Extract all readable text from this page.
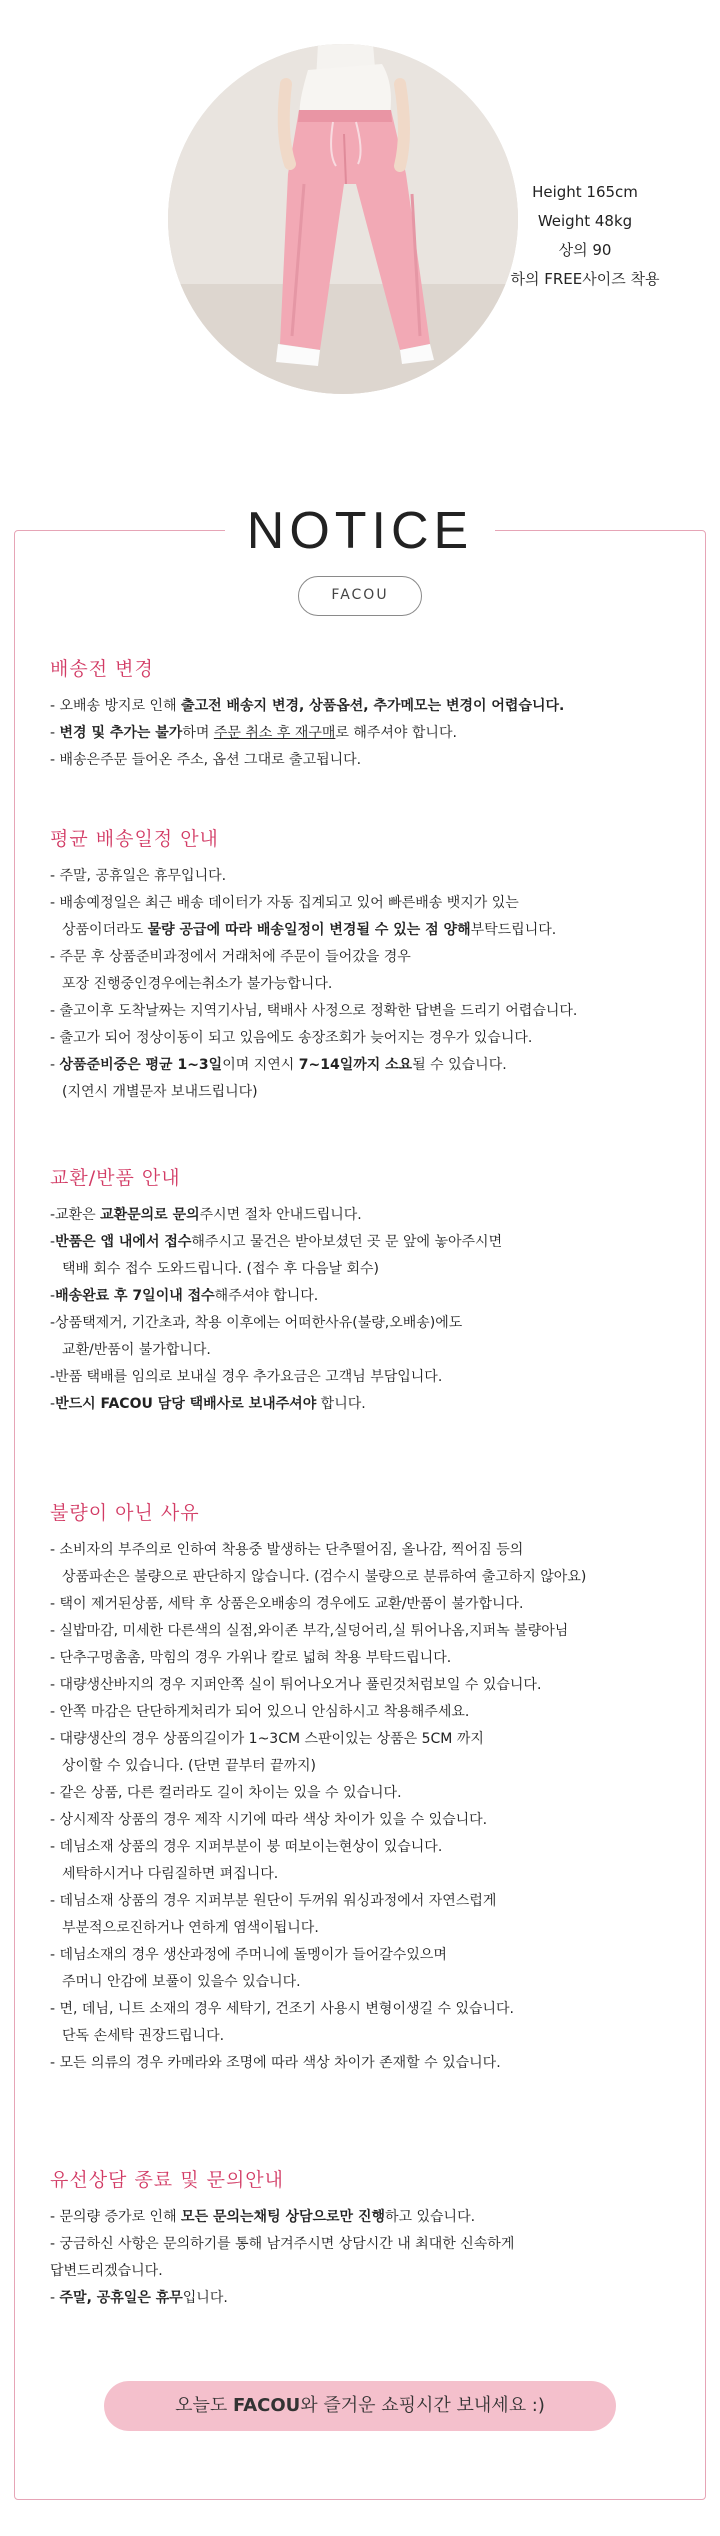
Height 165cm
Weight 48kg
상의 90
하의 FREE사이즈 착용
NOTICE
FACOU
배송전 변경
- 오배송 방지로 인해 출고전 배송지 변경, 상품옵션, 추가메모는 변경이 어렵습니다.
- 변경 및 추가는 불가하며 주문 취소 후 재구매로 해주셔야 합니다.
- 배송은주문 들어온 주소, 옵션 그대로 출고됩니다.
평균 배송일정 안내
- 주말, 공휴일은 휴무입니다.
- 배송예정일은 최근 배송 데이터가 자동 집계되고 있어 빠른배송 뱃지가 있는
상품이더라도 물량 공급에 따라 배송일정이 변경될 수 있는 점 양해부탁드립니다.
- 주문 후 상품준비과정에서 거래처에 주문이 들어갔을 경우
포장 진행중인경우에는취소가 불가능합니다.
- 출고이후 도착날짜는 지역기사님, 택배사 사정으로 정확한 답변을 드리기 어렵습니다.
- 출고가 되어 정상이동이 되고 있음에도 송장조회가 늦어지는 경우가 있습니다.
- 상품준비중은 평균 1~3일이며 지연시 7~14일까지 소요될 수 있습니다.
(지연시 개별문자 보내드립니다)
교환/반품 안내
-교환은 교환문의로 문의주시면 절차 안내드립니다.
-반품은 앱 내에서 접수해주시고 물건은 받아보셨던 곳 문 앞에 놓아주시면
택배 회수 접수 도와드립니다. (접수 후 다음날 회수)
-배송완료 후 7일이내 접수해주셔야 합니다.
-상품택제거, 기간초과, 착용 이후에는 어떠한사유(불량,오배송)에도
교환/반품이 불가합니다.
-반품 택배를 임의로 보내실 경우 추가요금은 고객님 부담입니다.
-반드시 FACOU 담당 택배사로 보내주셔야 합니다.
불량이 아닌 사유
- 소비자의 부주의로 인하여 착용중 발생하는 단추떨어짐, 올나감, 찍어짐 등의
상품파손은 불량으로 판단하지 않습니다. (검수시 불량으로 분류하여 출고하지 않아요)
- 택이 제거된상품, 세탁 후 상품은오배송의 경우에도 교환/반품이 불가합니다.
- 실밥마감, 미세한 다른색의 실점,와이존 부각,실덩어리,실 튀어나옴,지퍼녹 불량아님
- 단추구멍촘촘, 막힘의 경우 가위나 칼로 넓혀 착용 부탁드립니다.
- 대량생산바지의 경우 지퍼안쪽 실이 튀어나오거나 풀린것처럼보일 수 있습니다.
- 안쪽 마감은 단단하게처리가 되어 있으니 안심하시고 착용해주세요.
- 대량생산의 경우 상품의길이가 1~3CM 스판이있는 상품은 5CM 까지
상이할 수 있습니다. (단면 끝부터 끝까지)
- 같은 상품, 다른 컬러라도 길이 차이는 있을 수 있습니다.
- 상시제작 상품의 경우 제작 시기에 따라 색상 차이가 있을 수 있습니다.
- 데님소재 상품의 경우 지퍼부분이 붕 떠보이는현상이 있습니다.
세탁하시거나 다림질하면 펴집니다.
- 데님소재 상품의 경우 지퍼부분 원단이 두꺼워 워싱과정에서 자연스럽게
부분적으로진하거나 연하게 염색이됩니다.
- 데님소재의 경우 생산과정에 주머니에 돌멩이가 들어갈수있으며
주머니 안감에 보풀이 있을수 있습니다.
- 면, 데님, 니트 소재의 경우 세탁기, 건조기 사용시 변형이생길 수 있습니다.
단독 손세탁 권장드립니다.
- 모든 의류의 경우 카메라와 조명에 따라 색상 차이가 존재할 수 있습니다.
유선상담 종료 및 문의안내
- 문의량 증가로 인해 모든 문의는채팅 상담으로만 진행하고 있습니다.
- 궁금하신 사항은 문의하기를 통해 남겨주시면 상담시간 내 최대한 신속하게
답변드리겠습니다.
- 주말, 공휴일은 휴무입니다.
오늘도 FACOU와 즐거운 쇼핑시간 보내세요 :)
